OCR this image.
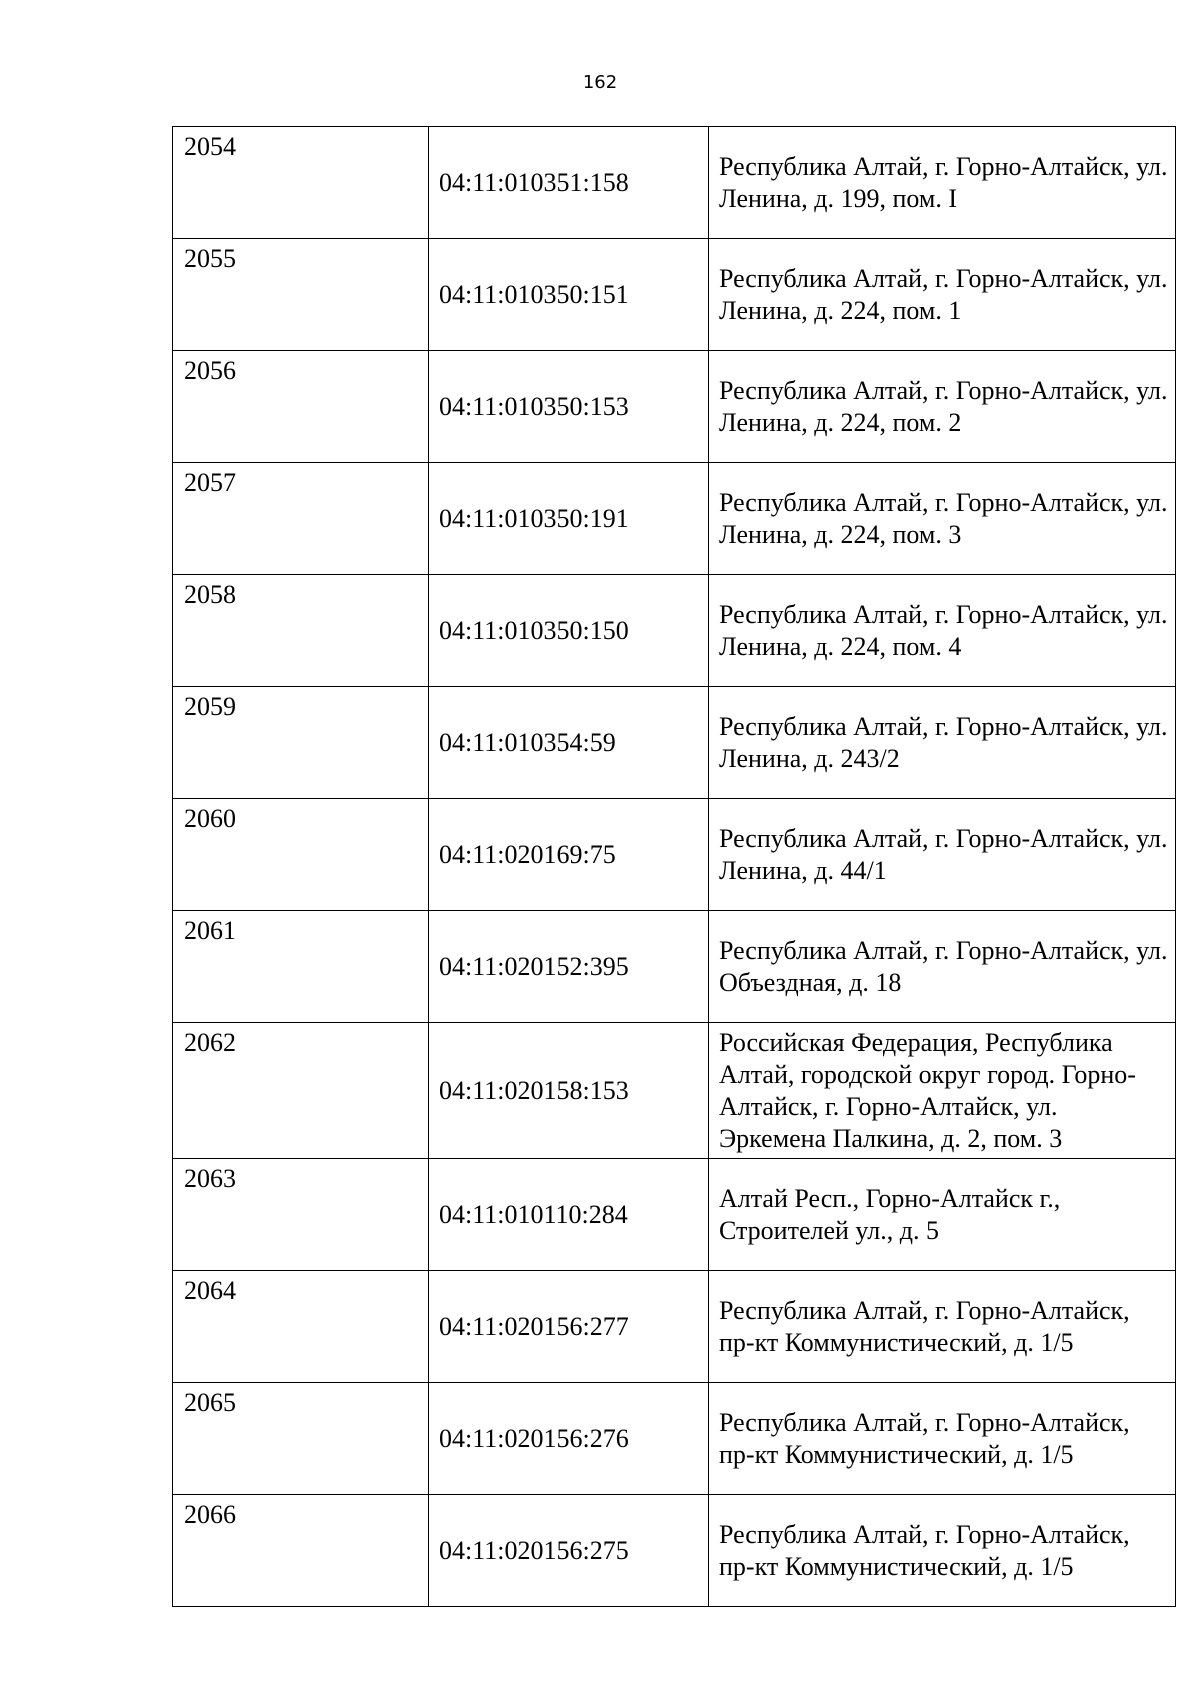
162
2054	04:11:010351:158	Республика Алтай, г. Горно-Алтайск, ул. Ленина, д. 199, пом. I
2055	04:11:010350:151	Республика Алтай, г. Горно-Алтайск, ул. Ленина, д. 224, пом. 1
2056	04:11:010350:153	Республика Алтай, г. Горно-Алтайск, ул. Ленина, д. 224, пом. 2
2057	04:11:010350:191	Республика Алтай, г. Горно-Алтайск, ул. Ленина, д. 224, пом. 3
2058	04:11:010350:150	Республика Алтай, г. Горно-Алтайск, ул. Ленина, д. 224, пом. 4
2059	04:11:010354:59	Республика Алтай, г. Горно-Алтайск, ул. Ленина, д. 243/2
2060	04:11:020169:75	Республика Алтай, г. Горно-Алтайск, ул. Ленина, д. 44/1
2061	04:11:020152:395	Республика Алтай, г. Горно-Алтайск, ул. Объездная, д. 18
2062	04:11:020158:153	Российская Федерация, Республика Алтай, городской округ город. Горно-Алтайск, г. Горно-Алтайск, ул. Эркемена Палкина, д. 2, пом. 3
2063	04:11:010110:284	Алтай Респ., Горно-Алтайск г., Строителей ул., д. 5
2064	04:11:020156:277	Республика Алтай, г. Горно-Алтайск, пр-кт Коммунистический, д. 1/5
2065	04:11:020156:276	Республика Алтай, г. Горно-Алтайск, пр-кт Коммунистический, д. 1/5
2066	04:11:020156:275	Республика Алтай, г. Горно-Алтайск, пр-кт Коммунистический, д. 1/5
